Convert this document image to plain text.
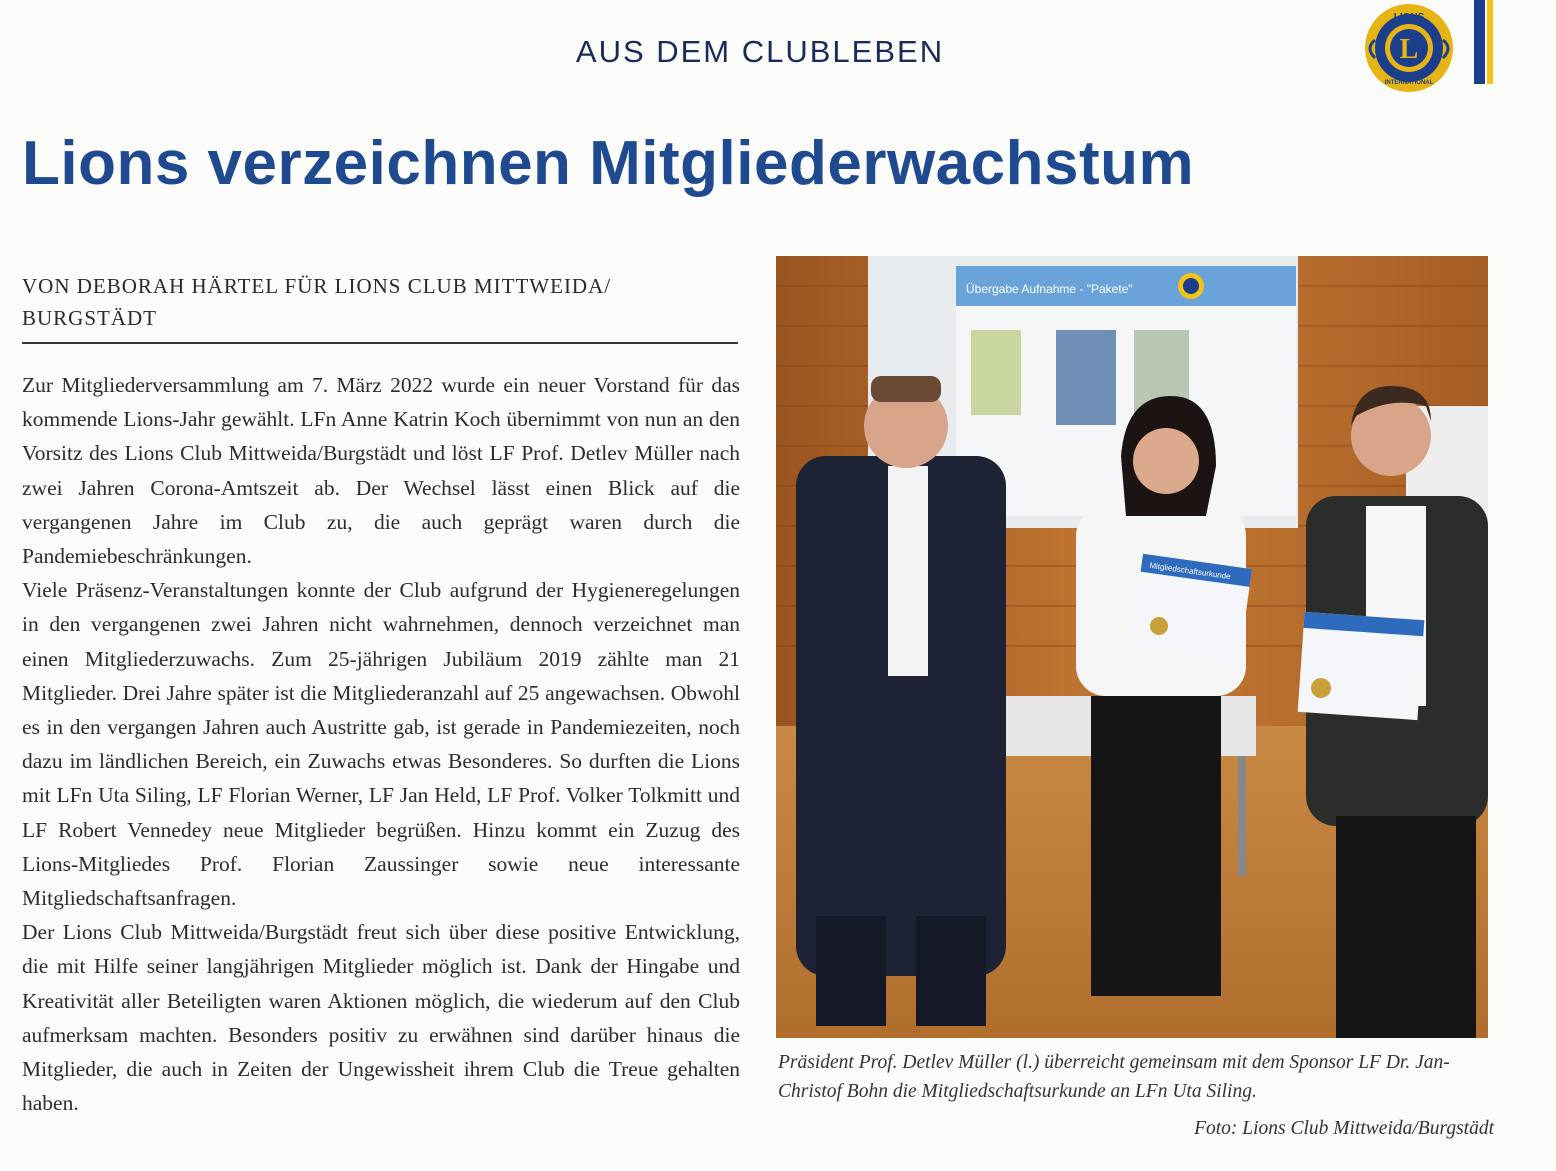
AUS DEM CLUBLEBEN	L
LIONS
INTERNATIONAL
Lions verzeichnen Mitgliederwachstum
VON DEBORAH HÄRTEL FÜR LIONS CLUB MITTWEIDA/ BURGSTÄDT

Zur Mitgliederversammlung am 7. März 2022 wurde ein neuer Vorstand für das kommende Lions-Jahr gewählt. LFn Anne Katrin Koch übernimmt von nun an den Vorsitz des Lions Club Mittweida/Burgstädt und löst LF Prof. Detlev Müller nach zwei Jahren Corona-Amtszeit ab. Der Wechsel lässt einen Blick auf die vergangenen Jahre im Club zu, die auch geprägt waren durch die Pandemiebeschränkungen.

Viele Präsenz-Veranstaltungen konnte der Club aufgrund der Hygieneregelungen in den vergangenen zwei Jahren nicht wahrnehmen, dennoch verzeichnet man einen Mitgliederzuwachs. Zum 25-jährigen Jubiläum 2019 zählte man 21 Mitglieder. Drei Jahre später ist die Mitgliederanzahl auf 25 angewachsen. Obwohl es in den vergangen Jahren auch Austritte gab, ist gerade in Pandemiezeiten, noch dazu im ländlichen Bereich, ein Zuwachs etwas Besonderes. So durften die Lions mit LFn Uta Siling, LF Florian Werner, LF Jan Held, LF Prof. Volker Tolkmitt und LF Robert Vennedey neue Mitglieder begrüßen. Hinzu kommt ein Zuzug des Lions-Mitgliedes Prof. Florian Zaussinger sowie neue interessante Mitgliedschaftsanfragen.

Der Lions Club Mittweida/Burgstädt freut sich über diese positive Entwicklung, die mit Hilfe seiner langjährigen Mitglieder möglich ist. Dank der Hingabe und Kreativität aller Beteiligten waren Aktionen möglich, die wiederum auf den Club aufmerksam machten. Besonders positiv zu erwähnen sind darüber hinaus die Mitglieder, die auch in Zeiten der Ungewissheit ihrem Club die Treue gehalten haben.

Übergabe Aufnahme - "Pakete"
Mitgliedschaftsurkunde
Präsident Prof. Detlev Müller (l.) überreicht gemeinsam mit dem Sponsor LF Dr. Jan-Christof Bohn die Mitgliedschaftsurkunde an LFn Uta Siling.
Foto: Lions Club Mittweida/Burgstädt
